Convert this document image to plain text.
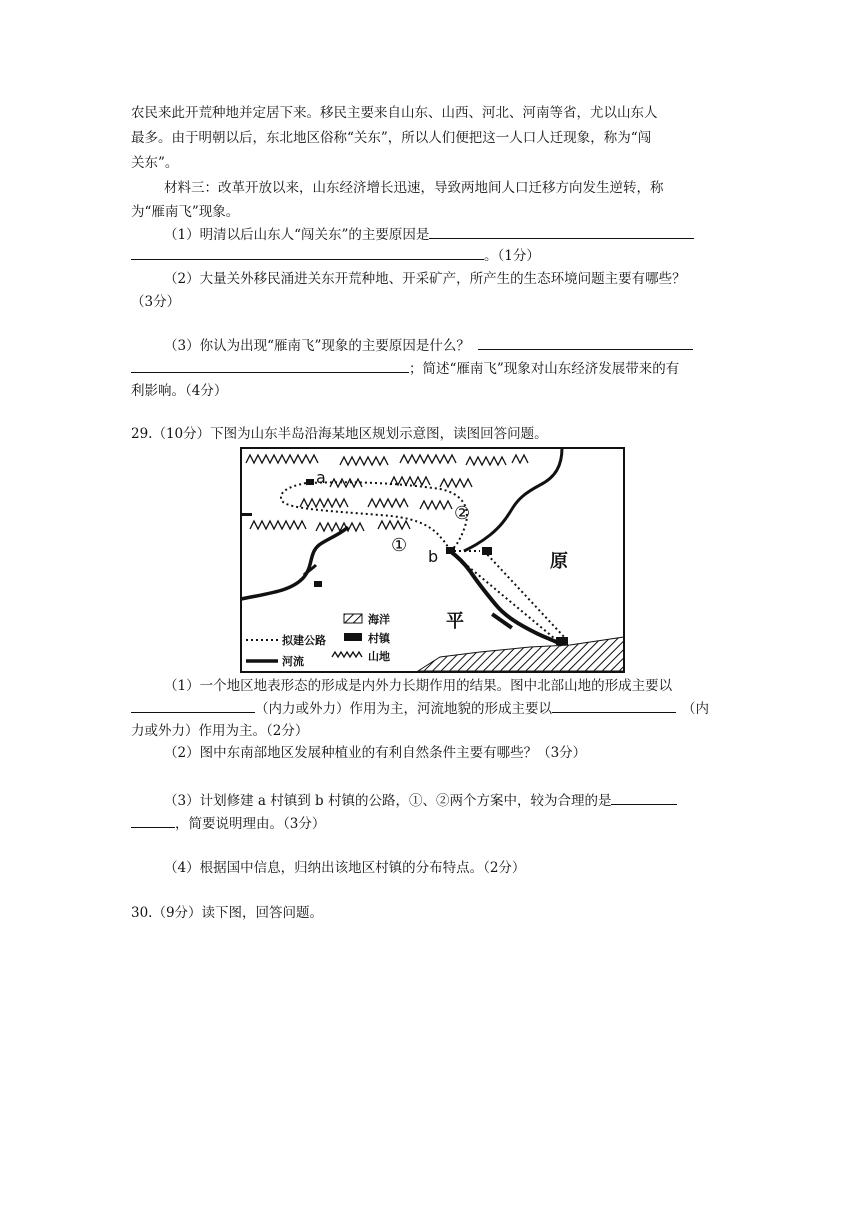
农民来此开荒种地并定居下来。移民主要来自山东、山西、河北、河南等省，尤以山东人
最多。由于明朝以后，东北地区俗称“关东”，所以人们便把这一人口人迁现象，称为“闯
关东”。
材料三：改革开放以来，山东经济增长迅速，导致两地间人口迁移方向发生逆转，称
为“雁南飞”现象。
（1）明清以后山东人“闯关东”的主要原因是
。（1分）
（2）大量关外移民涌进关东开荒种地、开采矿产，所产生的生态环境问题主要有哪些？
（3分）
（3）你认为出现“雁南飞”现象的主要原因是什么？
；简述“雁南飞”现象对山东经济发展带来的有
利影响。（4分）
29.（10分）下图为山东半岛沿海某地区规划示意图，读图回答问题。
a
b
①
②
原
平
拟建公路
河流
海洋
村镇
山地
（1）一个地区地表形态的形成是内外力长期作用的结果。图中北部山地的形成主要以
（内力或外力）作用为主，河流地貌的形成主要以	（内
力或外力）作用为主。（2分）
（2）图中东南部地区发展种植业的有利自然条件主要有哪些？（3分）
（3）计划修建 a 村镇到 b 村镇的公路，①、②两个方案中，较为合理的是
，简要说明理由。（3分）
（4）根据国中信息，归纳出该地区村镇的分布特点。（2分）
30.（9分）读下图，回答问题。
